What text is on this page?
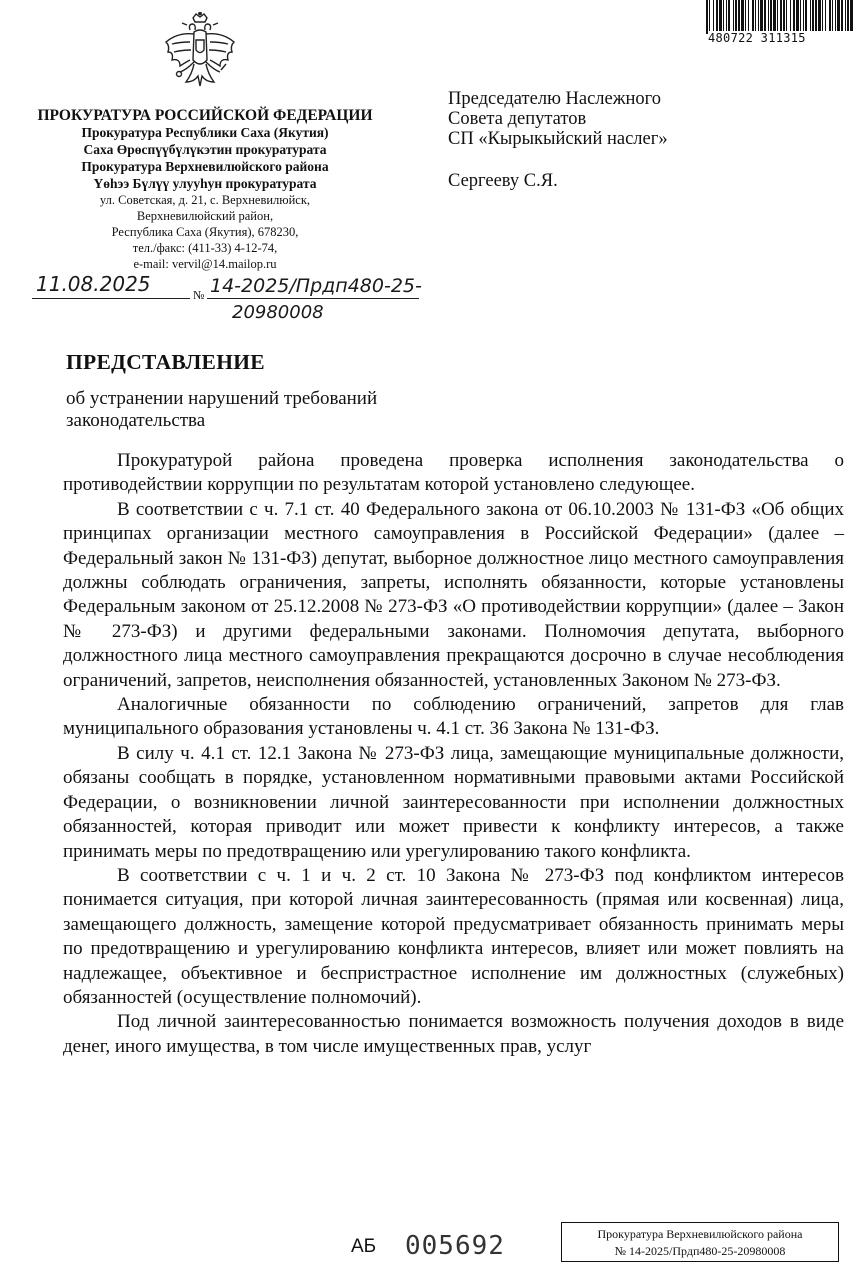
480722 311315
ПРОКУРАТУРА РОССИЙСКОЙ ФЕДЕРАЦИИ
Прокуратура Республики Саха (Якутия)
Саха Өрөспүүбүлүкэтин прокуратурата
Прокуратура Верхневилюйского района
Үөһээ Бүлүү улууһун прокуратурата
ул. Советская, д. 21, с. Верхневилюйск,
Верхневилюйский район,
Республика Саха (Якутия), 678230,
тел./факс: (411-33) 4-12-74,
e-mail: vervil@14.mailop.ru
11.08.2025	№ 14-2025/Прдп480-25-
20980008
Председателю Наслежного
Совета депутатов
СП «Кырыкыйский наслег»
Сергееву С.Я.
ПРЕДСТАВЛЕНИЕ
об устранении нарушений требований законодательства

Прокуратурой района проведена проверка исполнения законодательства о противодействии коррупции по результатам которой установлено следующее.

В соответствии с ч. 7.1 ст. 40 Федерального закона от 06.10.2003 № 131-ФЗ «Об общих принципах организации местного самоуправления в Российской Федерации» (далее – Федеральный закон № 131-ФЗ) депутат, выборное должностное лицо местного самоуправления должны соблюдать ограничения, запреты, исполнять обязанности, которые установлены Федеральным законом от 25.12.2008 № 273-ФЗ «О противодействии коррупции» (далее – Закон № 273-ФЗ) и другими федеральными законами. Полномочия депутата, выборного должностного лица местного самоуправления прекращаются досрочно в случае несоблюдения ограничений, запретов, неисполнения обязанностей, установленных Законом № 273-ФЗ.

Аналогичные обязанности по соблюдению ограничений, запретов для глав муниципального образования установлены ч. 4.1 ст. 36 Закона № 131-ФЗ.

В силу ч. 4.1 ст. 12.1 Закона № 273-ФЗ лица, замещающие муниципальные должности, обязаны сообщать в порядке, установленном нормативными правовыми актами Российской Федерации, о возникновении личной заинтересованности при исполнении должностных обязанностей, которая приводит или может привести к конфликту интересов, а также принимать меры по предотвращению или урегулированию такого конфликта.

В соответствии с ч. 1 и ч. 2 ст. 10 Закона № 273-ФЗ под конфликтом интересов понимается ситуация, при которой личная заинтересованность (прямая или косвенная) лица, замещающего должность, замещение которой предусматривает обязанность принимать меры по предотвращению и урегулированию конфликта интересов, влияет или может повлиять на надлежащее, объективное и беспристрастное исполнение им должностных (служебных) обязанностей (осуществление полномочий).

Под личной заинтересованностью понимается возможность получения доходов в виде денег, иного имущества, в том числе имущественных прав, услуг

АБ 005692	Прокуратура Верхневилюйского района
№ 14-2025/Прдп480-25-20980008
